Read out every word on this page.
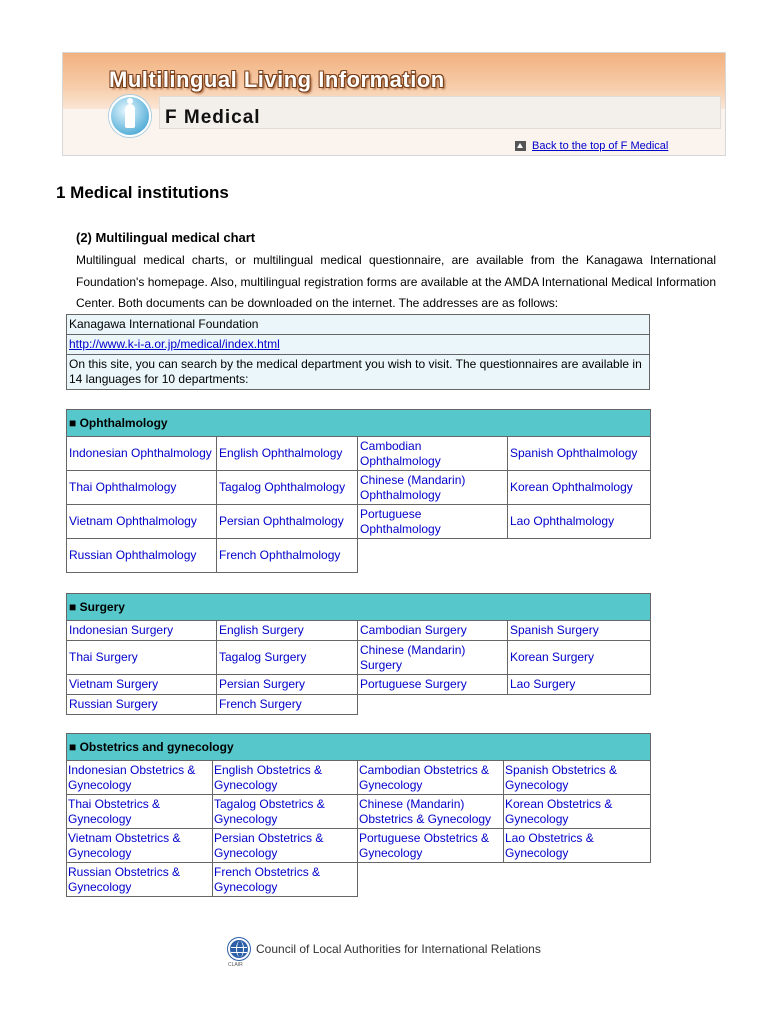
Multilingual Living Information
F Medical
Back to the top of F Medical
1 Medical institutions
(2) Multilingual medical chart
Multilingual medical charts, or multilingual medical questionnaire, are available from the Kanagawa International Foundation's homepage. Also, multilingual registration forms are available at the AMDA International Medical Information Center. Both documents can be downloaded on the internet. The addresses are as follows:
Kanagawa International Foundation
http://www.k-i-a.or.jp/medical/index.html
On this site, you can search by the medical department you wish to visit. The questionnaires are available in 14 languages for 10 departments:
■ Ophthalmology			
Indonesian Ophthalmology	English Ophthalmology	Cambodian Ophthalmology	Spanish Ophthalmology
Thai Ophthalmology	Tagalog Ophthalmology	Chinese (Mandarin) Ophthalmology	Korean Ophthalmology
Vietnam Ophthalmology	Persian Ophthalmology	Portuguese Ophthalmology	Lao Ophthalmology
Russian Ophthalmology	French Ophthalmology		
■ Surgery			
Indonesian Surgery	English Surgery	Cambodian Surgery	Spanish Surgery
Thai Surgery	Tagalog Surgery	Chinese (Mandarin) Surgery	Korean Surgery
Vietnam Surgery	Persian Surgery	Portuguese Surgery	Lao Surgery
Russian Surgery	French Surgery		
■ Obstetrics and gynecology			
Indonesian Obstetrics & Gynecology	English Obstetrics & Gynecology	Cambodian Obstetrics & Gynecology	Spanish Obstetrics & Gynecology
Thai Obstetrics & Gynecology	Tagalog Obstetrics & Gynecology	Chinese (Mandarin) Obstetrics & Gynecology	Korean Obstetrics & Gynecology
Vietnam Obstetrics & Gynecology	Persian Obstetrics & Gynecology	Portuguese Obstetrics & Gynecology	Lao Obstetrics & Gynecology
Russian Obstetrics & Gynecology	French Obstetrics & Gynecology		
CLAIR
Council of Local Authorities for International Relations
